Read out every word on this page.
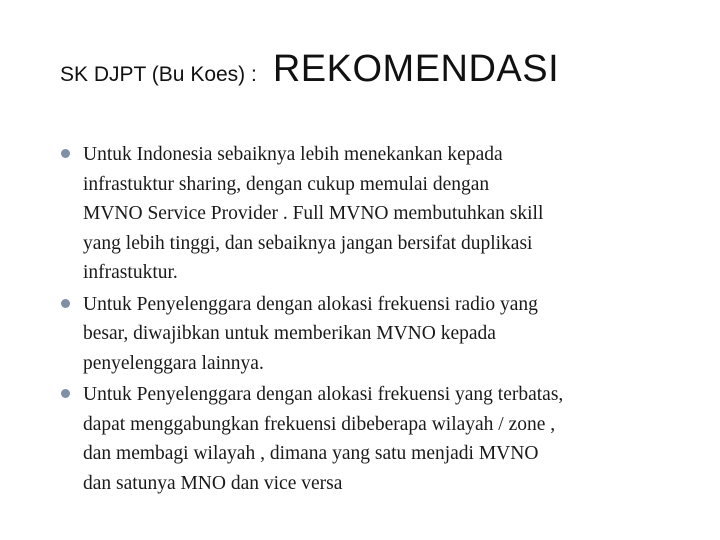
SK DJPT (Bu Koes) : REKOMENDASI
Untuk Indonesia sebaiknya lebih menekankan kepada
infrastuktur sharing, dengan cukup memulai dengan
MVNO Service Provider . Full MVNO membutuhkan skill
yang lebih tinggi, dan sebaiknya jangan bersifat duplikasi
infrastuktur.
Untuk Penyelenggara dengan alokasi frekuensi radio yang
besar, diwajibkan untuk memberikan MVNO kepada
penyelenggara lainnya.
Untuk Penyelenggara dengan alokasi frekuensi yang terbatas,
dapat menggabungkan frekuensi dibeberapa wilayah / zone ,
dan membagi wilayah , dimana yang satu menjadi MVNO
dan satunya MNO dan vice versa
